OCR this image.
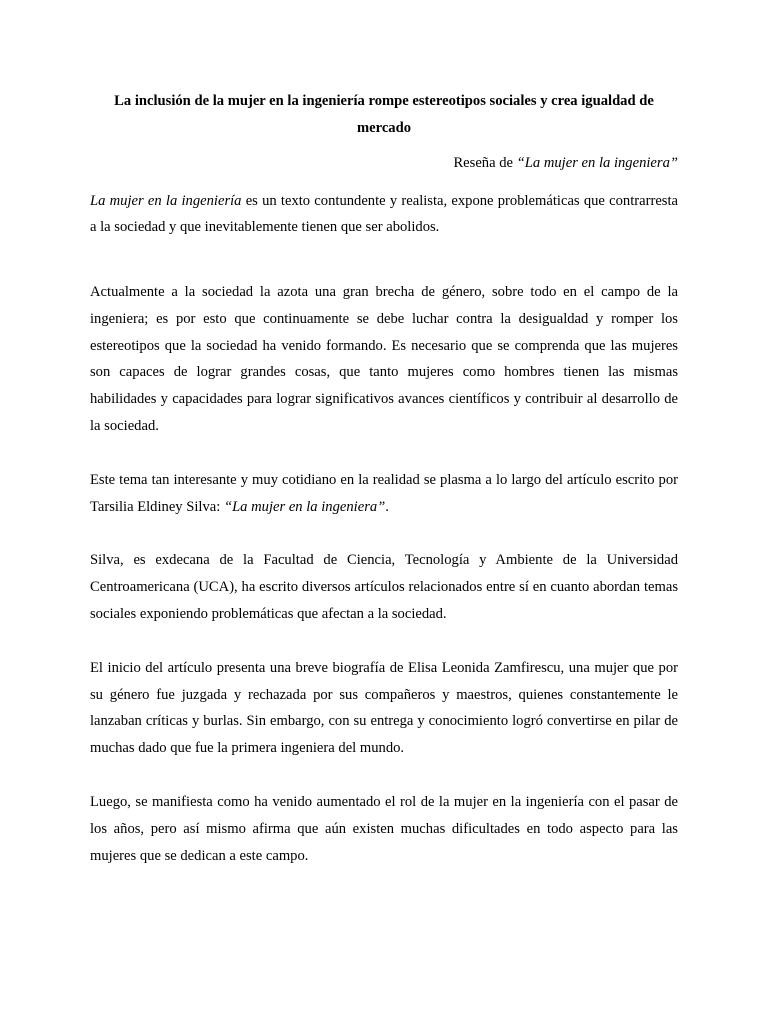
La inclusión de la mujer en la ingeniería rompe estereotipos sociales y crea igualdad de mercado

Reseña de “La mujer en la ingeniera”

La mujer en la ingeniería es un texto contundente y realista, expone problemáticas que contrarresta a la sociedad y que inevitablemente tienen que ser abolidos.

Actualmente a la sociedad la azota una gran brecha de género, sobre todo en el campo de la ingeniera; es por esto que continuamente se debe luchar contra la desigualdad y romper los estereotipos que la sociedad ha venido formando. Es necesario que se comprenda que las mujeres son capaces de lograr grandes cosas, que tanto mujeres como hombres tienen las mismas habilidades y capacidades para lograr significativos avances científicos y contribuir al desarrollo de la sociedad.

Este tema tan interesante y muy cotidiano en la realidad se plasma a lo largo del artículo escrito por Tarsilia Eldiney Silva: “La mujer en la ingeniera”.

Silva, es exdecana de la Facultad de Ciencia, Tecnología y Ambiente de la Universidad Centroamericana (UCA), ha escrito diversos artículos relacionados entre sí en cuanto abordan temas sociales exponiendo problemáticas que afectan a la sociedad.

El inicio del artículo presenta una breve biografía de Elisa Leonida Zamfirescu, una mujer que por su género fue juzgada y rechazada por sus compañeros y maestros, quienes constantemente le lanzaban críticas y burlas. Sin embargo, con su entrega y conocimiento logró convertirse en pilar de muchas dado que fue la primera ingeniera del mundo.

Luego, se manifiesta como ha venido aumentado el rol de la mujer en la ingeniería con el pasar de los años, pero así mismo afirma que aún existen muchas dificultades en todo aspecto para las mujeres que se dedican a este campo.
